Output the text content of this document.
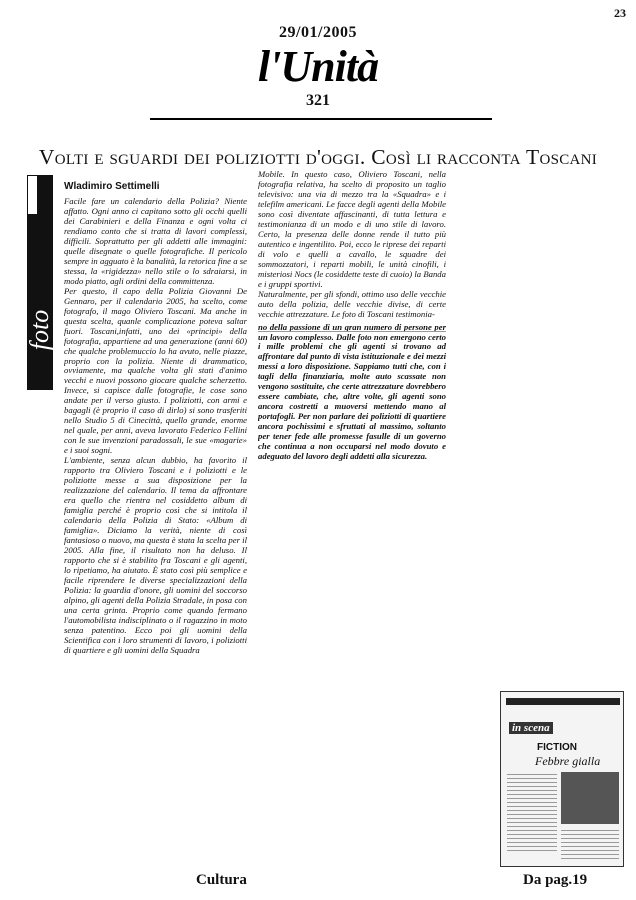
23
29/01/2005
l'Unità
321
Volti e sguardi dei poliziotti d'oggi. Così li racconta Toscani
foto
Wladimiro Settimelli

Facile fare un calendario della Polizia? Niente affatto. Ogni anno ci capitano sotto gli occhi quelli dei Carabinieri e della Finanza e ogni volta ci rendiamo conto che si tratta di lavori complessi, difficili. Soprattutto per gli addetti alle immagini: quelle disegnate o quelle fotografiche. Il pericolo sempre in agguato è la banalità, la retorica fine a se stessa, la «rigidezza» nello stile o lo sdraiarsi, in modo piatto, agli ordini della committenza.

Per questo, il capo della Polizia Giovanni De Gennaro, per il calendario 2005, ha scelto, come fotografo, il mago Oliviero Toscani. Ma anche in questa scelta, quanle complicazione poteva saltar fuori. Toscani,infatti, uno dei «principi» della fotografia, appartiene ad una generazione (anni 60) che qualche problemuccio lo ha avuto, nelle piazze, proprio con la polizia. Niente di drammatico, ovviamente, ma qualche volta gli stati d'animo vecchi e nuovi possono giocare qualche scherzetto. Invece, si capisce dalle fotografie, le cose sono andate per il verso giusto. I poliziotti, con armi e bagagli (è proprio il caso di dirlo) si sono trasferiti nello Studio 5 di Cinecittà, quello grande, enorme nel quale, per anni, aveva lavorato Federico Fellini con le sue invenzioni paradossali, le sue «magarie» e i suoi sogni.

L'ambiente, senza alcun dubbio, ha favorito il rapporto tra Oliviero Toscani e i poliziotti e le poliziotte messe a sua disposizione per la realizzazione del calendario. Il tema da affrontare era quello che rientra nel cosiddetto album di famiglia perché è proprio così che si intitola il calendario della Polizia di Stato: «Album di famiglia». Diciamo la verità, niente di così fantasioso o nuovo, ma questa è stata la scelta per il 2005. Alla fine, il risultato non ha deluso. Il rapporto che si è stabilito fra Toscani e gli agenti, lo ripetiamo, ha aiutato. È stato così più semplice e facile riprendere le diverse specializzazioni della Polizia: la guardia d'onore, gli uomini del soccorso alpino, gli agenti della Polizia Stradale, in posa con una certa grinta. Proprio come quando fermano l'automobilista indisciplinato o il ragazzino in moto senza patentino. Ecco poi gli uomini della Scientifica con i loro strumenti di lavoro, i poliziotti di quartiere e gli uomini della Squadra

Mobile. In questo caso, Oliviero Toscani, nella fotografia relativa, ha scelto di proposito un taglio televisivo: una via di mezzo tra la «Squadra» e i telefilm americani. Le facce degli agenti della Mobile sono così diventate affascinanti, di tutta lettura e testimonianza di un modo e di uno stile di lavoro. Certo, la presenza delle donne rende il tutto più autentico e ingentilito. Poi, ecco le riprese dei reparti di volo e quelli a cavallo, le squadre dei sommozzatori, i reparti mobili, le unità cinofili, i misteriosi Nocs (le cosiddette teste di cuoio) la Banda e i gruppi sportivi.

Naturalmente, per gli sfondi, ottimo uso delle vecchie auto della polizia, delle vecchie divise, di certe vecchie attrezzature. Le foto di Toscani testimonia-

no della passione di un gran numero di persone per un lavoro complesso. Dalle foto non emergono certo i mille problemi che gli agenti si trovano ad affrontare dal punto di vista istituzionale e dei mezzi messi a loro disposizione. Sappiamo tutti che, con i tagli della finanziaria, molte auto scassate non vengono sostituite, che certe attrezzature dovrebbero essere cambiate, che, altre volte, gli agenti sono ancora costretti a muoversi mettendo mano al portafogli. Per non parlare dei poliziotti di quartiere ancora pochissimi e sfruttati al massimo, soltanto per tener fede alle promesse fasulle di un governo che continua a non occuparsi nel modo dovuto e adeguato del lavoro degli addetti alla sicurezza.

in scena
FICTION
Febbre gialla
Cultura	Da pag.19
